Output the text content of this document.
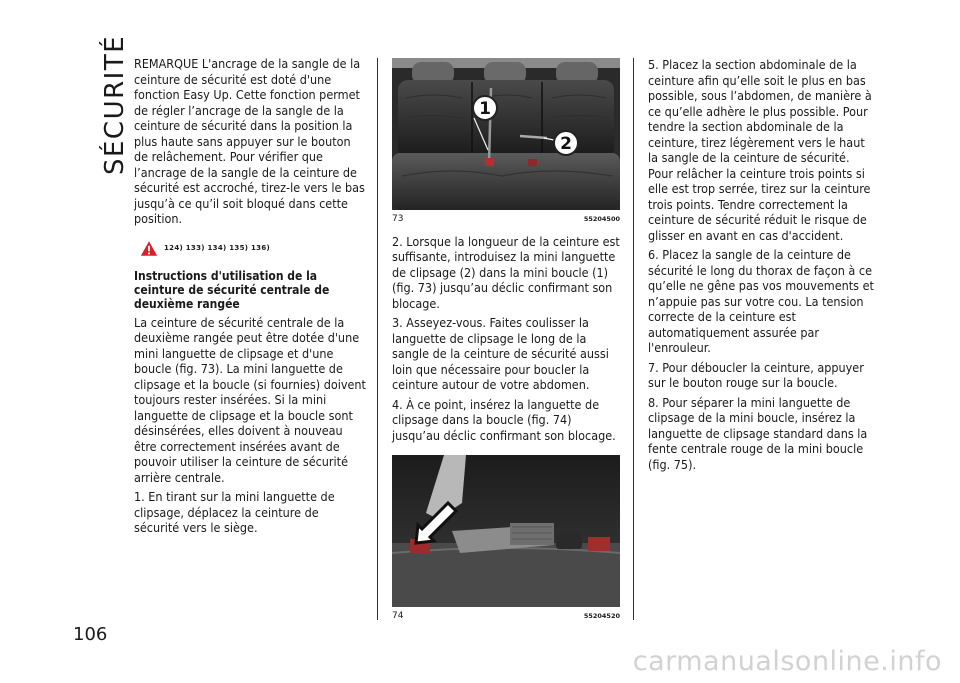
SÉCURITÉ REMARQUE L'ancrage de la sangle de la ceinture de sécurité est doté d'une fonction Easy Up. Cette fonction permet de régler l’ancrage de la sangle de la ceinture de sécurité dans la position la plus haute sans appuyer sur le bouton de relâchement. Pour vérifier que l’ancrage de la sangle de la ceinture de sécurité est accroché, tirez-le vers le bas jusqu’à ce qu’il soit bloqué dans cette position.

124) 133) 134) 135) 136)

Instructions d'utilisation de la ceinture de sécurité centrale de deuxième rangée

La ceinture de sécurité centrale de la deuxième rangée peut être dotée d'une mini languette de clipsage et d'une boucle (fig. 73). La mini languette de clipsage et la boucle (si fournies) doivent toujours rester insérées. Si la mini languette de clipsage et la boucle sont désinsérées, elles doivent à nouveau être correctement insérées avant de pouvoir utiliser la ceinture de sécurité arrière centrale.

1. En tirant sur la mini languette de clipsage, déplacez la ceinture de sécurité vers le siège.

1
2
73	55204500

2. Lorsque la longueur de la ceinture est suffisante, introduisez la mini languette de clipsage (2) dans la mini boucle (1) (fig. 73) jusqu’au déclic confirmant son blocage.

3. Asseyez-vous. Faites coulisser la languette de clipsage le long de la sangle de la ceinture de sécurité aussi loin que nécessaire pour boucler la ceinture autour de votre abdomen.

4. À ce point, insérez la languette de clipsage dans la boucle (fig. 74) jusqu’au déclic confirmant son blocage.

74	55204520

5. Placez la section abdominale de la ceinture afin qu’elle soit le plus en bas possible, sous l’abdomen, de manière à ce qu’elle adhère le plus possible. Pour tendre la section abdominale de la ceinture, tirez légèrement vers le haut la sangle de la ceinture de sécurité. Pour relâcher la ceinture trois points si elle est trop serrée, tirez sur la ceinture trois points. Tendre correctement la ceinture de sécurité réduit le risque de glisser en avant en cas d'accident.

6. Placez la sangle de la ceinture de sécurité le long du thorax de façon à ce qu’elle ne gêne pas vos mouvements et n’appuie pas sur votre cou. La tension correcte de la ceinture est automatiquement assurée par l'enrouleur.

7. Pour déboucler la ceinture, appuyer sur le bouton rouge sur la boucle.

8. Pour séparer la mini languette de clipsage de la mini boucle, insérez la languette de clipsage standard dans la fente centrale rouge de la mini boucle (fig. 75).

106
carmanualsonline.info
